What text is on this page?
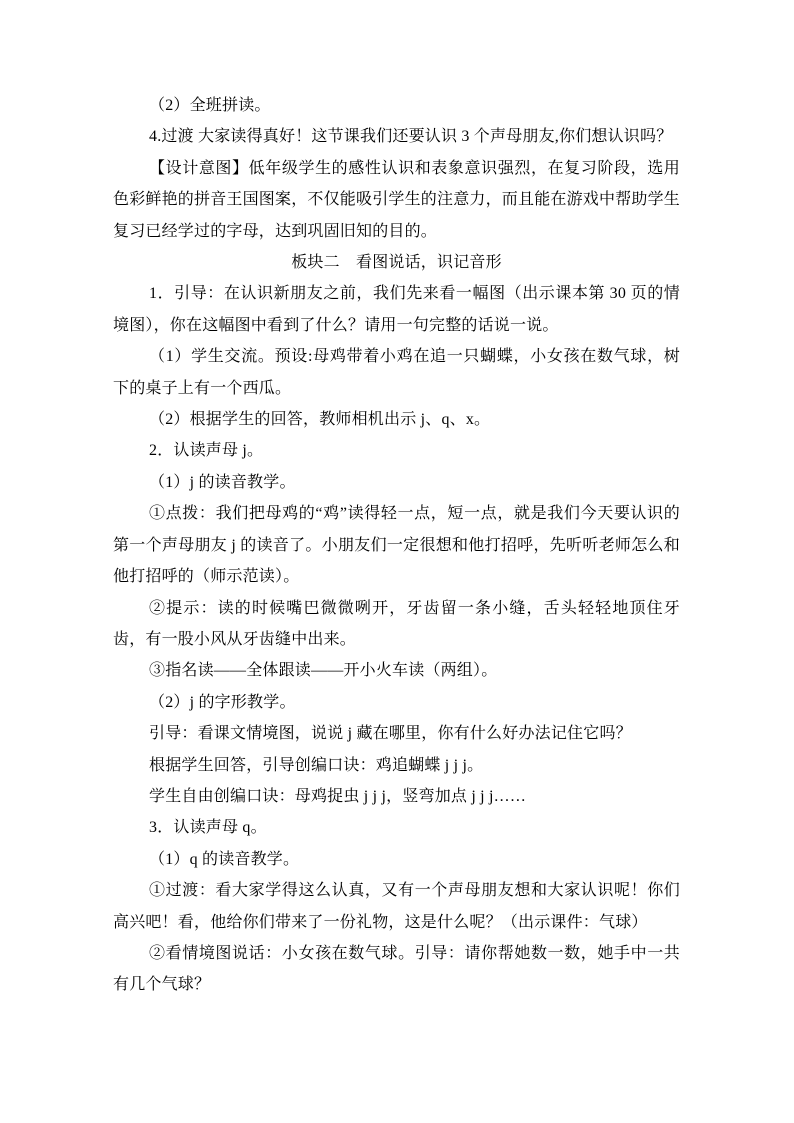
（2）全班拼读。

4.过渡 大家读得真好！这节课我们还要认识 3 个声母朋友,你们想认识吗？

【设计意图】低年级学生的感性认识和表象意识强烈，在复习阶段，选用色彩鲜艳的拼音王国图案，不仅能吸引学生的注意力，而且能在游戏中帮助学生复习已经学过的字母，达到巩固旧知的目的。

板块二　看图说话，识记音形

1．引导：在认识新朋友之前，我们先来看一幅图（出示课本第 30 页的情境图），你在这幅图中看到了什么？请用一句完整的话说一说。

（1）学生交流。预设:母鸡带着小鸡在追一只蝴蝶，小女孩在数气球，树下的桌子上有一个西瓜。

（2）根据学生的回答，教师相机出示 j、q、x。

2．认读声母 j。

（1）j 的读音教学。

①点拨：我们把母鸡的“鸡”读得轻一点，短一点，就是我们今天要认识的第一个声母朋友 j 的读音了。小朋友们一定很想和他打招呼，先听听老师怎么和他打招呼的（师示范读）。

②提示：读的时候嘴巴微微咧开，牙齿留一条小缝，舌头轻轻地顶住牙齿，有一股小风从牙齿缝中出来。

③指名读——全体跟读——开小火车读（两组）。

（2）j 的字形教学。

引导：看课文情境图，说说 j 藏在哪里，你有什么好办法记住它吗？

根据学生回答，引导创编口诀：鸡追蝴蝶 j j j。

学生自由创编口诀：母鸡捉虫 j j j，竖弯加点 j j j……

3．认读声母 q。

（1）q 的读音教学。

①过渡：看大家学得这么认真，又有一个声母朋友想和大家认识呢！你们高兴吧！看，他给你们带来了一份礼物，这是什么呢？（出示课件：气球）

②看情境图说话：小女孩在数气球。引导：请你帮她数一数，她手中一共有几个气球？
